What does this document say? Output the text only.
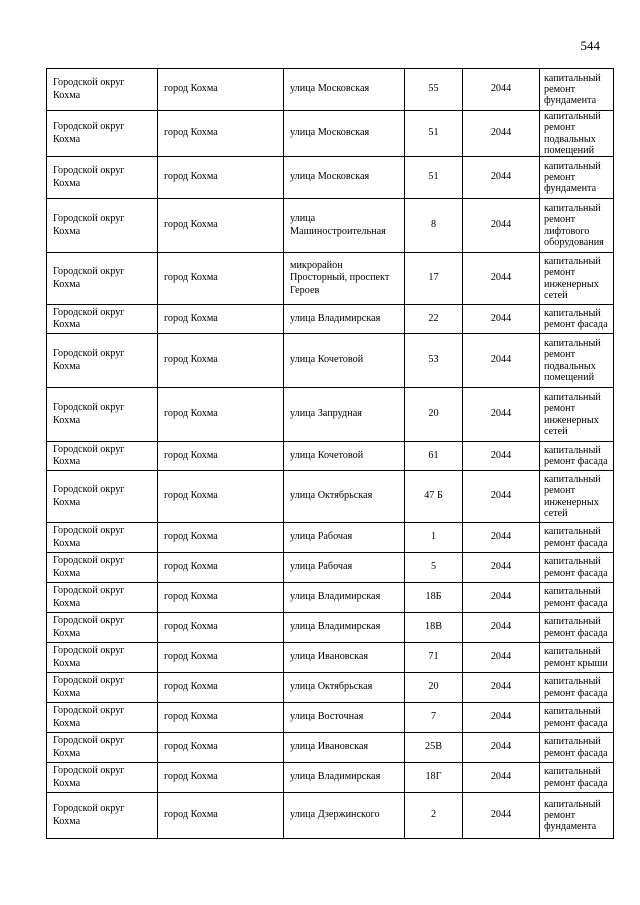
544
Городской округ Кохма	город Кохма	улица Московская	55	2044	капитальный ремонт фундамента

Городской округ Кохма	город Кохма	улица Московская	51	2044	капитальный ремонт подвальных помещений

Городской округ Кохма	город Кохма	улица Московская	51	2044	капитальный ремонт фундамента

Городской округ Кохма	город Кохма	улица Машиностроительная	8	2044	капитальный ремонт лифтового оборудования

Городской округ Кохма	город Кохма	микрорайон Просторный, проспект Героев	17	2044	капитальный ремонт инженерных сетей

Городской округ Кохма	город Кохма	улица Владимирская	22	2044	капитальный ремонт фасада

Городской округ Кохма	город Кохма	улица Кочетовой	53	2044	капитальный ремонт подвальных помещений

Городской округ Кохма	город Кохма	улица Запрудная	20	2044	капитальный ремонт инженерных сетей

Городской округ Кохма	город Кохма	улица Кочетовой	61	2044	капитальный ремонт фасада

Городской округ Кохма	город Кохма	улица Октябрьская	47 Б	2044	капитальный ремонт инженерных сетей

Городской округ Кохма	город Кохма	улица Рабочая	1	2044	капитальный ремонт фасада

Городской округ Кохма	город Кохма	улица Рабочая	5	2044	капитальный ремонт фасада

Городской округ Кохма	город Кохма	улица Владимирская	18Б	2044	капитальный ремонт фасада

Городской округ Кохма	город Кохма	улица Владимирская	18В	2044	капитальный ремонт фасада

Городской округ Кохма	город Кохма	улица Ивановская	71	2044	капитальный ремонт крыши

Городской округ Кохма	город Кохма	улица Октябрьская	20	2044	капитальный ремонт фасада

Городской округ Кохма	город Кохма	улица Восточная	7	2044	капитальный ремонт фасада

Городской округ Кохма	город Кохма	улица Ивановская	25В	2044	капитальный ремонт фасада

Городской округ Кохма	город Кохма	улица Владимирская	18Г	2044	капитальный ремонт фасада

Городской округ Кохма	город Кохма	улица Дзержинского	2	2044	капитальный ремонт фундамента
